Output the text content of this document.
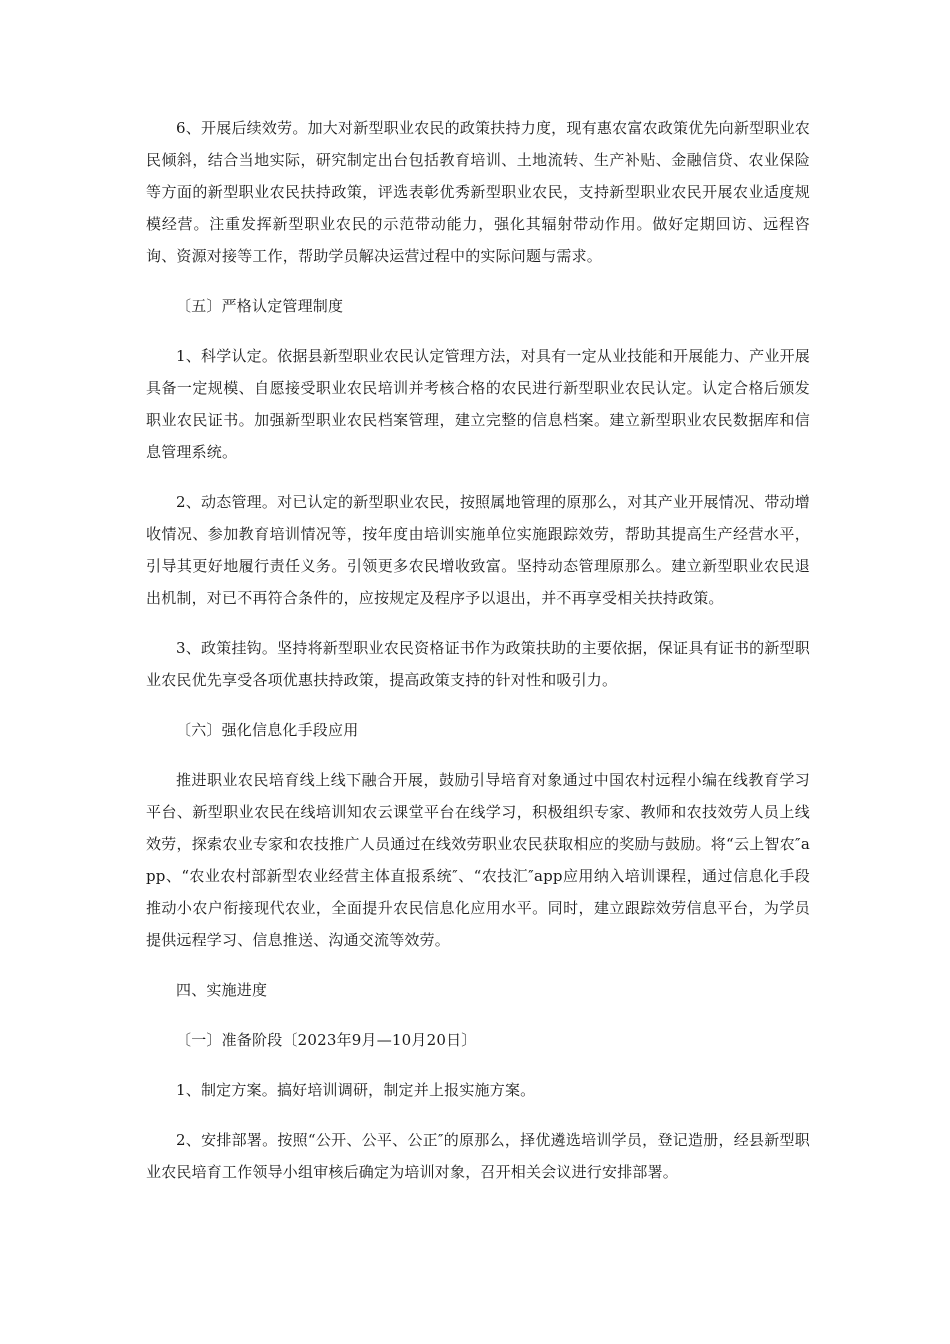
6、开展后续效劳。加大对新型职业农民的政策扶持力度，现有惠农富农政策优先向新型职业农民倾斜，结合当地实际，研究制定出台包括教育培训、土地流转、生产补贴、金融信贷、农业保险等方面的新型职业农民扶持政策，评选表彰优秀新型职业农民，支持新型职业农民开展农业适度规模经营。注重发挥新型职业农民的示范带动能力，强化其辐射带动作用。做好定期回访、远程咨询、资源对接等工作，帮助学员解决运营过程中的实际问题与需求。

〔五〕严格认定管理制度

1、科学认定。依据县新型职业农民认定管理方法，对具有一定从业技能和开展能力、产业开展具备一定规模、自愿接受职业农民培训并考核合格的农民进行新型职业农民认定。认定合格后颁发职业农民证书。加强新型职业农民档案管理，建立完整的信息档案。建立新型职业农民数据库和信息管理系统。

2、动态管理。对已认定的新型职业农民，按照属地管理的原那么，对其产业开展情况、带动增收情况、参加教育培训情况等，按年度由培训实施单位实施跟踪效劳，帮助其提高生产经营水平，引导其更好地履行责任义务。引领更多农民增收致富。坚持动态管理原那么。建立新型职业农民退出机制，对已不再符合条件的，应按规定及程序予以退出，并不再享受相关扶持政策。

3、政策挂钩。坚持将新型职业农民资格证书作为政策扶助的主要依据，保证具有证书的新型职业农民优先享受各项优惠扶持政策，提高政策支持的针对性和吸引力。

〔六〕强化信息化手段应用

推进职业农民培育线上线下融合开展，鼓励引导培育对象通过中国农村远程小编在线教育学习平台、新型职业农民在线培训知农云课堂平台在线学习，积极组织专家、教师和农技效劳人员上线效劳，探索农业专家和农技推广人员通过在线效劳职业农民获取相应的奖励与鼓励。将“云上智农″app、“农业农村部新型农业经营主体直报系统″、“农技汇″app应用纳入培训课程，通过信息化手段推动小农户衔接现代农业，全面提升农民信息化应用水平。同时，建立跟踪效劳信息平台，为学员提供远程学习、信息推送、沟通交流等效劳。

四、实施进度

〔一〕准备阶段〔2023年9月—10月20日〕

1、制定方案。搞好培训调研，制定并上报实施方案。

2、安排部署。按照“公开、公平、公正″的原那么，择优遴选培训学员，登记造册，经县新型职业农民培育工作领导小组审核后确定为培训对象，召开相关会议进行安排部署。
